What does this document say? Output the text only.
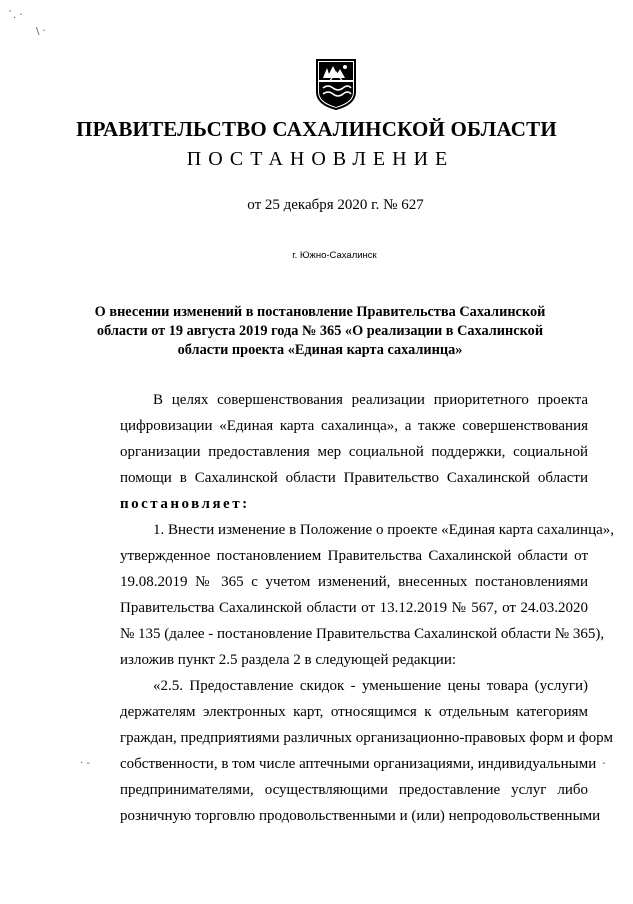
`. ·
\ ·
ПРАВИТЕЛЬСТВО САХАЛИНСКОЙ ОБЛАСТИ
ПОСТАНОВЛЕНИЕ
от 25 декабря 2020 г. № 627
г. Южно-Сахалинск
О внесении изменений в постановление Правительства Сахалинской
области от 19 августа 2019 года № 365 «О реализации в Сахалинской
области проекта «Единая карта сахалинца»
В целях совершенствования реализации приоритетного проекта
цифровизации «Единая карта сахалинца», а также совершенствования
организации предоставления мер социальной поддержки, социальной
помощи в Сахалинской области Правительство Сахалинской области
постановляет:
1. Внести изменение в Положение о проекте «Единая карта сахалинца»,
утвержденное постановлением Правительства Сахалинской области от
19.08.2019 № 365 с учетом изменений, внесенных постановлениями
Правительства Сахалинской области от 13.12.2019 № 567, от 24.03.2020
№ 135 (далее - постановление Правительства Сахалинской области № 365),
изложив пункт 2.5 раздела 2 в следующей редакции:
«2.5. Предоставление скидок - уменьшение цены товара (услуги)
держателям электронных карт, относящимся к отдельным категориям
граждан, предприятиями различных организационно-правовых форм и форм
собственности, в том числе аптечными организациями, индивидуальными
предпринимателями, осуществляющими предоставление услуг либо
розничную торговлю продовольственными и (или) непродовольственными
· -	-
